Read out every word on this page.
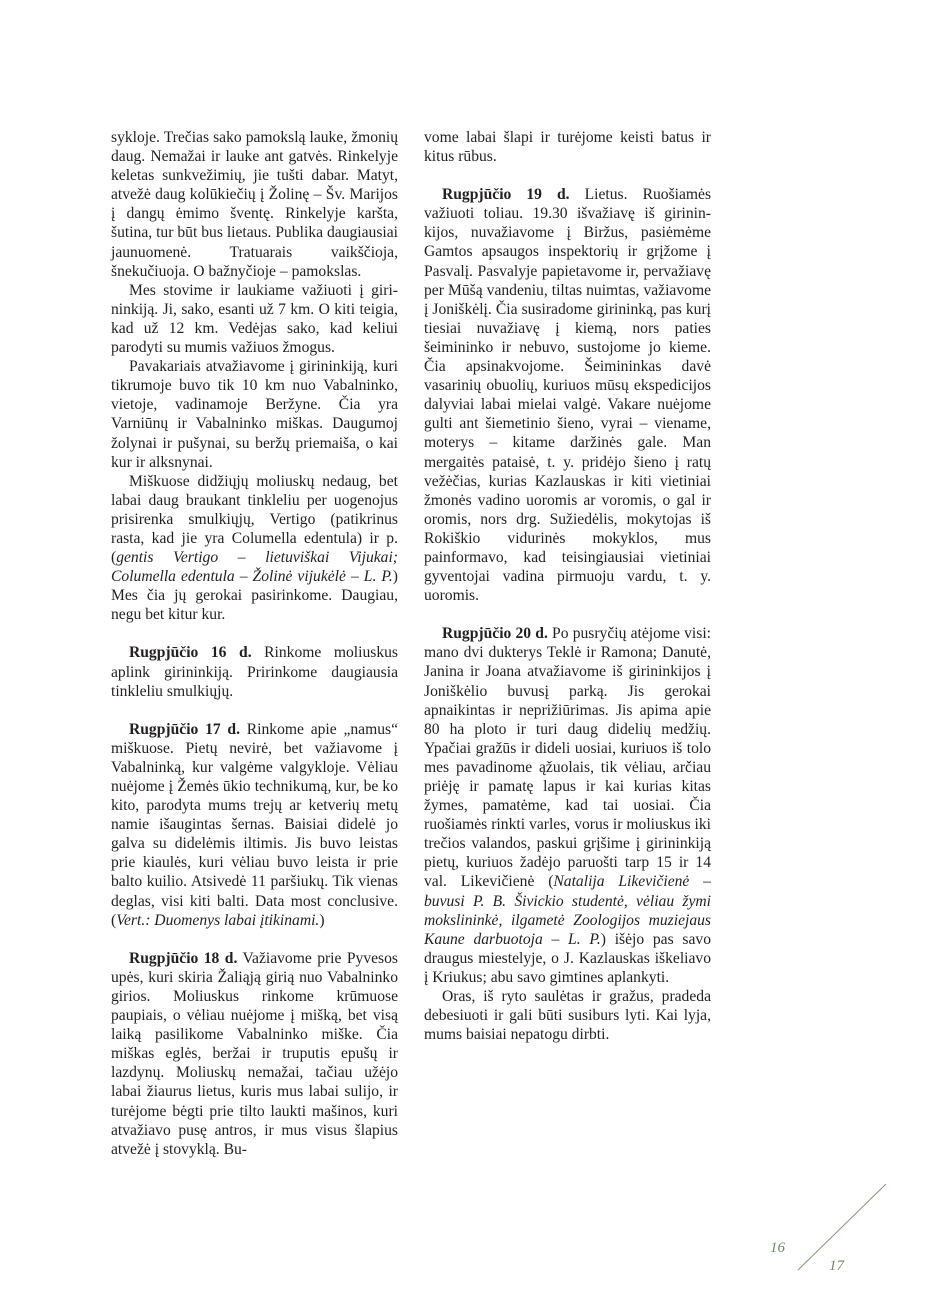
sykloje. Trečias sako pamokslą lauke, žmonių daug. Nemažai ir lauke ant gatvės. Rinkelyje keletas sunkvežimių, jie tušti dabar. Matyt, atvežė daug kolūkiečių į Žolinę – Šv. Marijos į dangų ėmimo šventę. Rinkelyje karšta, šutina, tur būt bus lietaus. Publika daugiausiai jaunuomenė. Tratuarais vaikščioja, šnekučiuoja. O bažnyčioje – pamokslas.

Mes stovime ir laukiame važiuoti į girininkiją. Ji, sako, esanti už 7 km. O kiti teigia, kad už 12 km. Vedėjas sako, kad keliui parodyti su mumis važiuos žmogus.

Pavakariais atvažiavome į girininkiją, kuri tikrumoje buvo tik 10 km nuo Vabalninko, vietoje, vadinamoje Beržyne. Čia yra Varniūnų ir Vabalninko miškas. Daugumoj žolynai ir pušynai, su beržų priemaiša, o kai kur ir alksnynai.

Miškuose didžiųjų moliuskų nedaug, bet labai daug braukant tinkleliu per uogenojus prisirenka smulkiųjų, Vertigo (patikrinus rasta, kad jie yra Columella edentula) ir p. (gentis Vertigo – lietuviškai Vijukai; Columella edentula – Žolinė vijukėlė – L. P.) Mes čia jų gerokai pasirinkome. Daugiau, negu bet kitur kur.

Rugpjūčio 16 d. Rinkome moliuskus aplink girininkiją. Pririnkome daugiausia tinkleliu smulkiųjų.

Rugpjūčio 17 d. Rinkome apie „namus“ miškuose. Pietų nevirė, bet važiavome į Vabalninką, kur valgėme valgykloje. Vėliau nuėjome į Žemės ūkio technikumą, kur, be ko kito, parodyta mums trejų ar ketverių metų namie išaugintas šernas. Baisiai didelė jo galva su didelėmis iltimis. Jis buvo leistas prie kiaulės, kuri vėliau buvo leista ir prie balto kuilio. Atsivedė 11 paršiukų. Tik vienas deglas, visi kiti balti. Data most conclusive. (Vert.: Duomenys labai įtikinami.)

Rugpjūčio 18 d. Važiavome prie Pyvesos upės, kuri skiria Žaliąją girią nuo Vabalninko girios. Moliuskus rinkome krūmuose paupiais, o vėliau nuėjome į mišką, bet visą laiką pasilikome Vabalninko miške. Čia miškas eglės, beržai ir truputis epušų ir lazdynų. Moliuskų nemažai, tačiau užėjo labai žiaurus lietus, kuris mus labai sulijo, ir turėjome bėgti prie tilto laukti mašinos, kuri atvažiavo pusę antros, ir mus visus šlapius atvežė į stovyklą. Bu-

vome labai šlapi ir turėjome keisti batus ir kitus rūbus.

Rugpjūčio 19 d. Lietus. Ruošiamės važiuoti toliau. 19.30 išvažiavę iš girininkijos, nuvažiavome į Biržus, pasiėmėme Gamtos apsaugos inspektorių ir grįžome į Pasvalį. Pasvalyje papietavome ir, pervažiavę per Mūšą vandeniu, tiltas nuimtas, važiavome į Joniškėlį. Čia susiradome girininką, pas kurį tiesiai nuvažiavę į kiemą, nors paties šeimininko ir nebuvo, sustojome jo kieme. Čia apsinakvojome. Šeimininkas davė vasarinių obuolių, kuriuos mūsų ekspedicijos dalyviai labai mielai valgė. Vakare nuėjome gulti ant šiemetinio šieno, vyrai – viename, moterys – kitame daržinės gale. Man mergaitės pataisė, t. y. pridėjo šieno į ratų vežėčias, kurias Kazlauskas ir kiti vietiniai žmonės vadino uoromis ar voromis, o gal ir oromis, nors drg. Sužiedėlis, mokytojas iš Rokiškio vidurinės mokyklos, mus painformavo, kad teisingiausiai vietiniai gyventojai vadina pirmuoju vardu, t. y. uoromis.

Rugpjūčio 20 d. Po pusryčių atėjome visi: mano dvi dukterys Teklė ir Ramona; Danutė, Janina ir Joana atvažiavome iš girininkijos į Joniškėlio buvusį parką. Jis gerokai apnaikintas ir neprižiūrimas. Jis apima apie 80 ha ploto ir turi daug didelių medžių. Ypačiai gražūs ir dideli uosiai, kuriuos iš tolo mes pavadinome ąžuolais, tik vėliau, arčiau priėję ir pamatę lapus ir kai kurias kitas žymes, pamatėme, kad tai uosiai. Čia ruošiamės rinkti varles, vorus ir moliuskus iki trečios valandos, paskui grįšime į girininkiją pietų, kuriuos žadėjo paruošti tarp 15 ir 14 val. Likevičienė (Natalija Likevičienė – buvusi P. B. Šivickio studentė, vėliau žymi mokslininkė, ilgametė Zoologijos muziejaus Kaune darbuotoja – L. P.) išėjo pas savo draugus miestelyje, o J. Kazlauskas iškeliavo į Kriukus; abu savo gimtines aplankyti.

Oras, iš ryto saulėtas ir gražus, pradeda debesiuoti ir gali būti susiburs lyti. Kai lyja, mums baisiai nepatogu dirbti.

16
17
